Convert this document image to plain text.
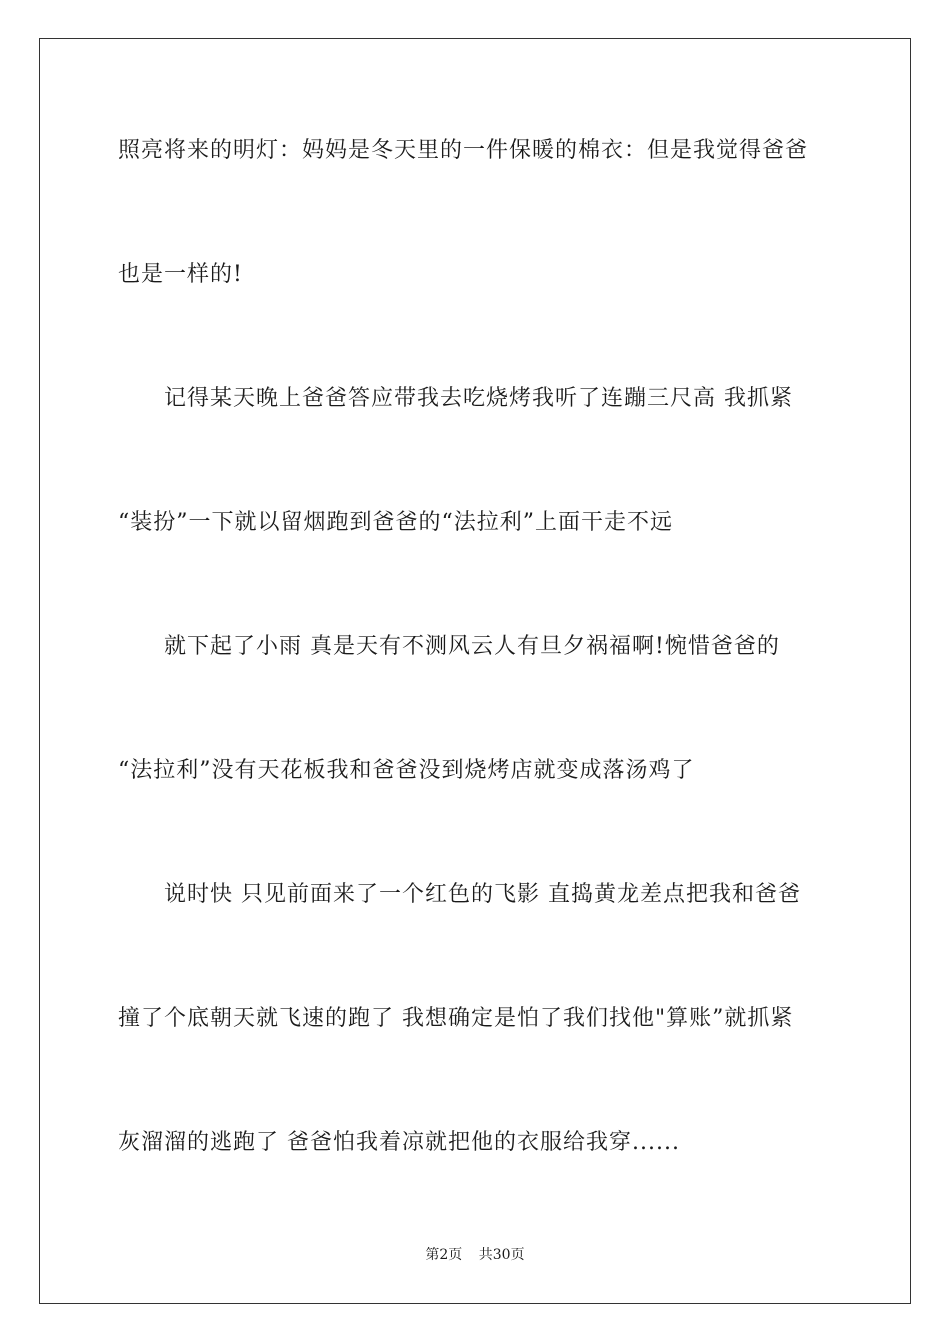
照亮将来的明灯：妈妈是冬天里的一件保暖的棉衣：但是我觉得爸爸
也是一样的!
记得某天晚上爸爸答应带我去吃烧烤我听了连蹦三尺高 我抓紧
“装扮”一下就以留烟跑到爸爸的“法拉利”上面干走不远
就下起了小雨 真是天有不测风云人有旦夕祸福啊!惋惜爸爸的
“法拉利”没有天花板我和爸爸没到烧烤店就变成落汤鸡了
说时快 只见前面来了一个红色的飞影 直捣黄龙差点把我和爸爸
撞了个底朝天就飞速的跑了 我想确定是怕了我们找他"算账”就抓紧
灰溜溜的逃跑了 爸爸怕我着凉就把他的衣服给我穿......
第2页 共30页
